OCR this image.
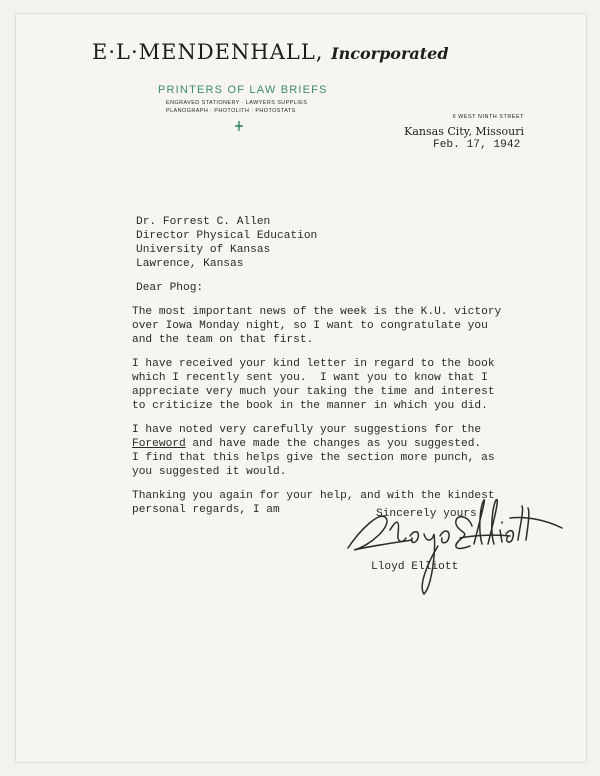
E·L·MENDENHALL, Incorporated
PRINTERS OF LAW BRIEFS
ENGRAVED STATIONERY · LAWYERS SUPPLIES
PLANOGRAPH · PHOTOLITH · PHOTOSTATS
6 WEST NINTH STREET
Kansas City, Missouri
Feb. 17, 1942
Dr. Forrest C. Allen
Director Physical Education
University of Kansas
Lawrence, Kansas
Dear Phog:
The most important news of the week is the K.U. victory
over Iowa Monday night, so I want to congratulate you
and the team on that first.
I have received your kind letter in regard to the book
which I recently sent you.  I want you to know that I
appreciate very much your taking the time and interest
to criticize the book in the manner in which you did.
I have noted very carefully your suggestions for the
Foreword and have made the changes as you suggested.
I find that this helps give the section more punch, as
you suggested it would.
Thanking you again for your help, and with the kindest
personal regards, I am	Sincerely yours
Lloyd Elliott
